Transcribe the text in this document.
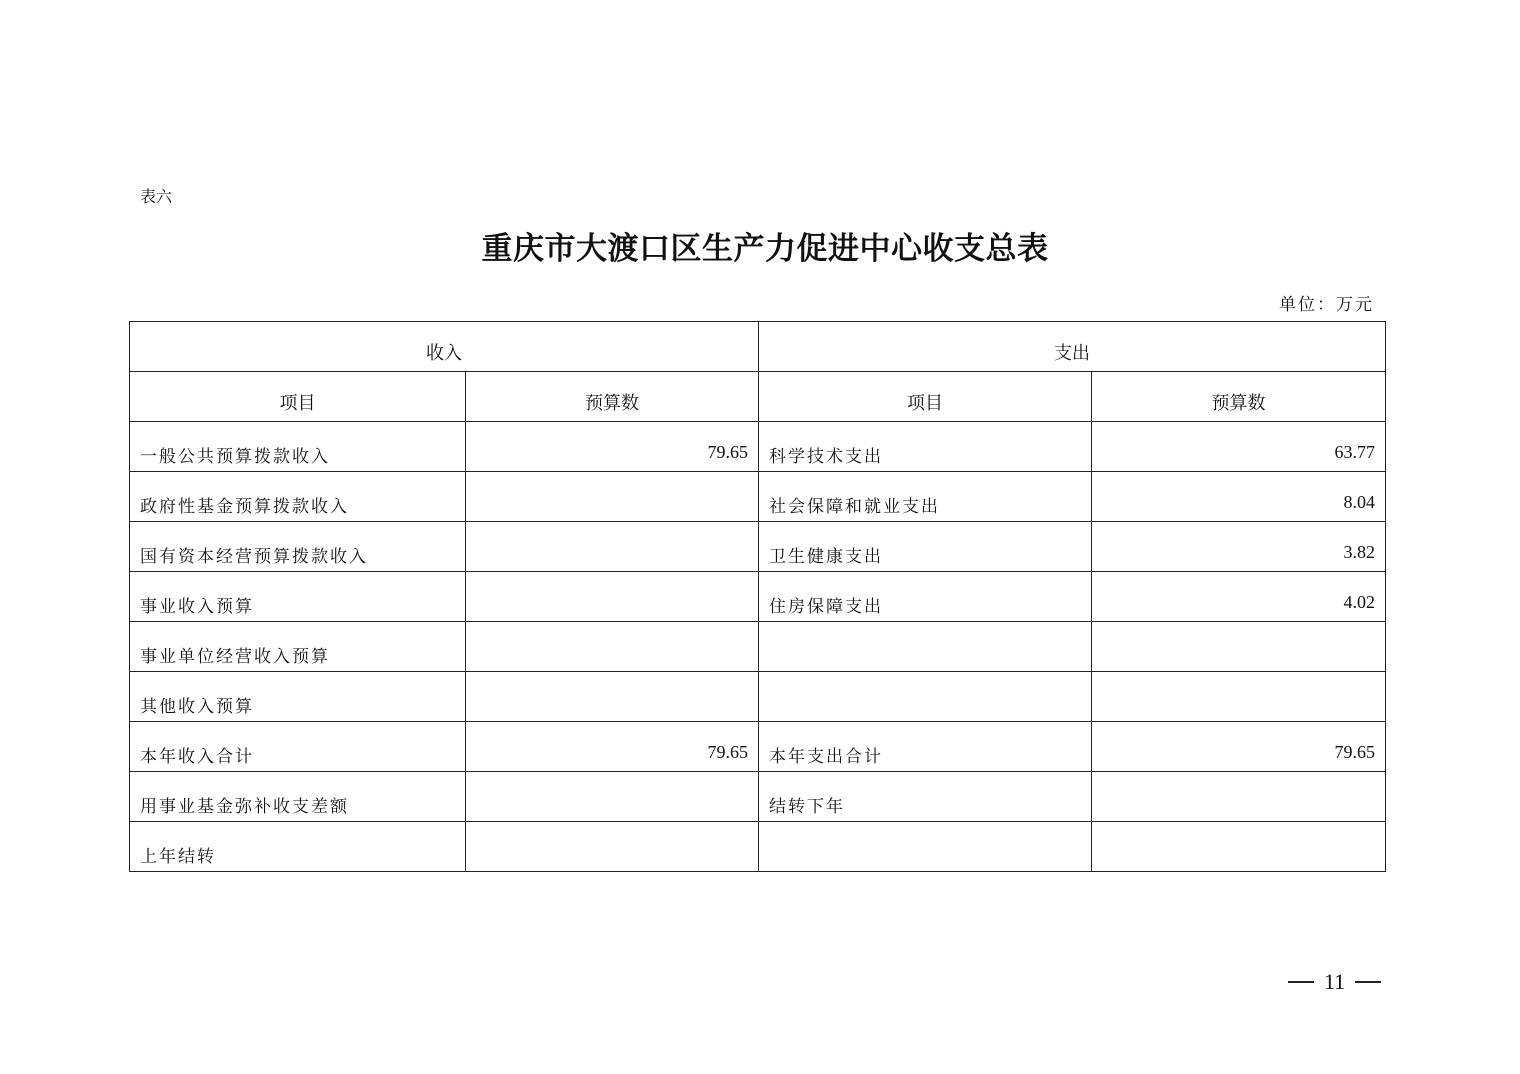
表六
重庆市大渡口区生产力促进中心收支总表
单位：万元
收入		支出	
项目	预算数	项目	预算数
一般公共预算拨款收入	79.65	科学技术支出	63.77
政府性基金预算拨款收入		社会保障和就业支出	8.04
国有资本经营预算拨款收入		卫生健康支出	3.82
事业收入预算		住房保障支出	4.02
事业单位经营收入预算			
其他收入预算			
本年收入合计	79.65	本年支出合计	79.65
用事业基金弥补收支差额		结转下年	
上年结转			
11
